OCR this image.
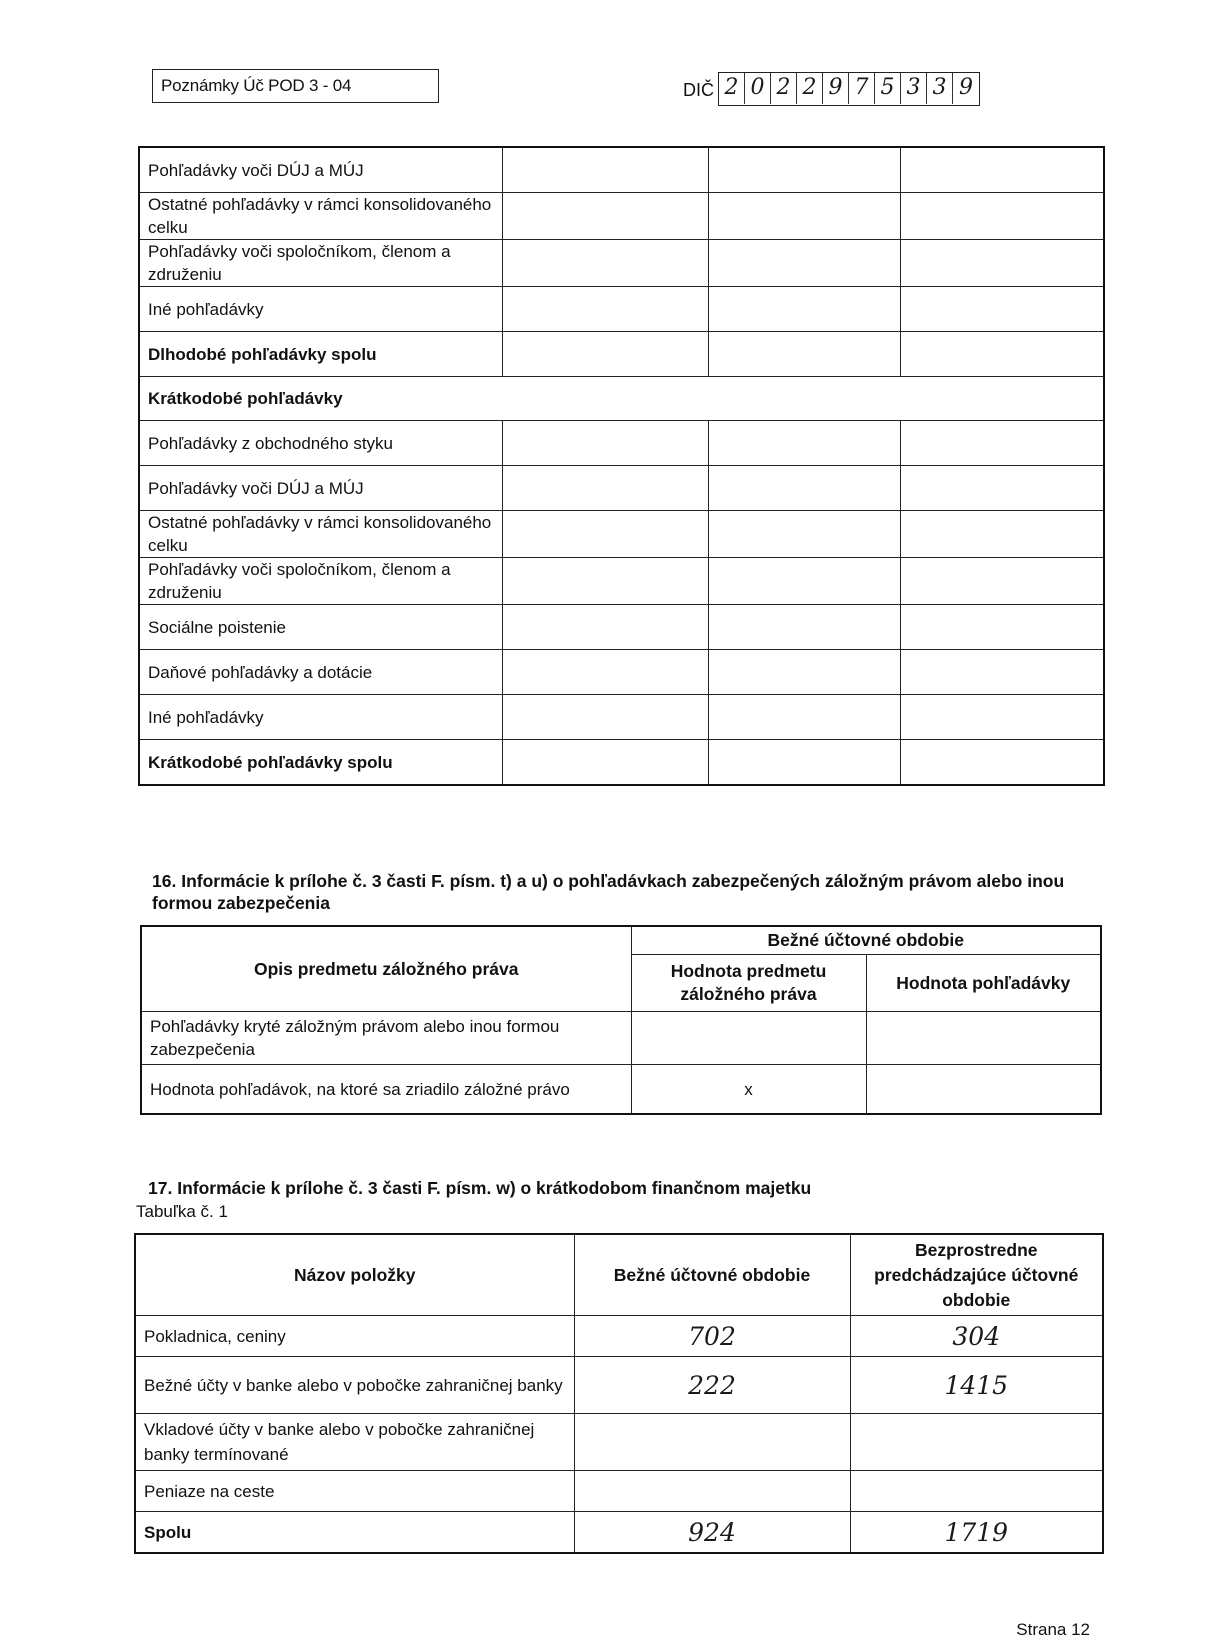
Poznámky Úč POD 3 - 04	DIČ 2 0 2 2 9 7 5 3 3 9
Pohľadávky voči DÚJ a MÚJ			
Ostatné pohľadávky v rámci konsolidovaného celku			
Pohľadávky voči spoločníkom, členom a združeniu			
Iné pohľadávky			
Dlhodobé pohľadávky spolu			
Krátkodobé pohľadávky			
Pohľadávky z obchodného styku			
Pohľadávky voči DÚJ a MÚJ			
Ostatné pohľadávky v rámci konsolidovaného celku			
Pohľadávky voči spoločníkom, členom a združeniu			
Sociálne poistenie			
Daňové pohľadávky a dotácie			
Iné pohľadávky			
Krátkodobé pohľadávky spolu			
16. Informácie k prílohe č. 3 časti F. písm. t) a u) o pohľadávkach zabezpečených záložným právom alebo inou formou zabezpečenia
Opis predmetu záložného práva	Bežné účtovné obdobie	
	Hodnota predmetu záložného práva	Hodnota pohľadávky
Pohľadávky kryté záložným právom alebo inou formou zabezpečenia		
Hodnota pohľadávok, na ktoré sa zriadilo záložné právo	x	
17. Informácie k prílohe č. 3 časti F. písm. w) o krátkodobom finančnom majetku
Tabuľka č. 1
Názov položky	Bežné účtovné obdobie	Bezprostredne predchádzajúce účtovné obdobie
Pokladnica, ceniny	702	304
Bežné účty v banke alebo v pobočke zahraničnej banky	222	1415
Vkladové účty v banke alebo v pobočke zahraničnej banky termínované		
Peniaze na ceste		
Spolu	924	1719
Strana 12
